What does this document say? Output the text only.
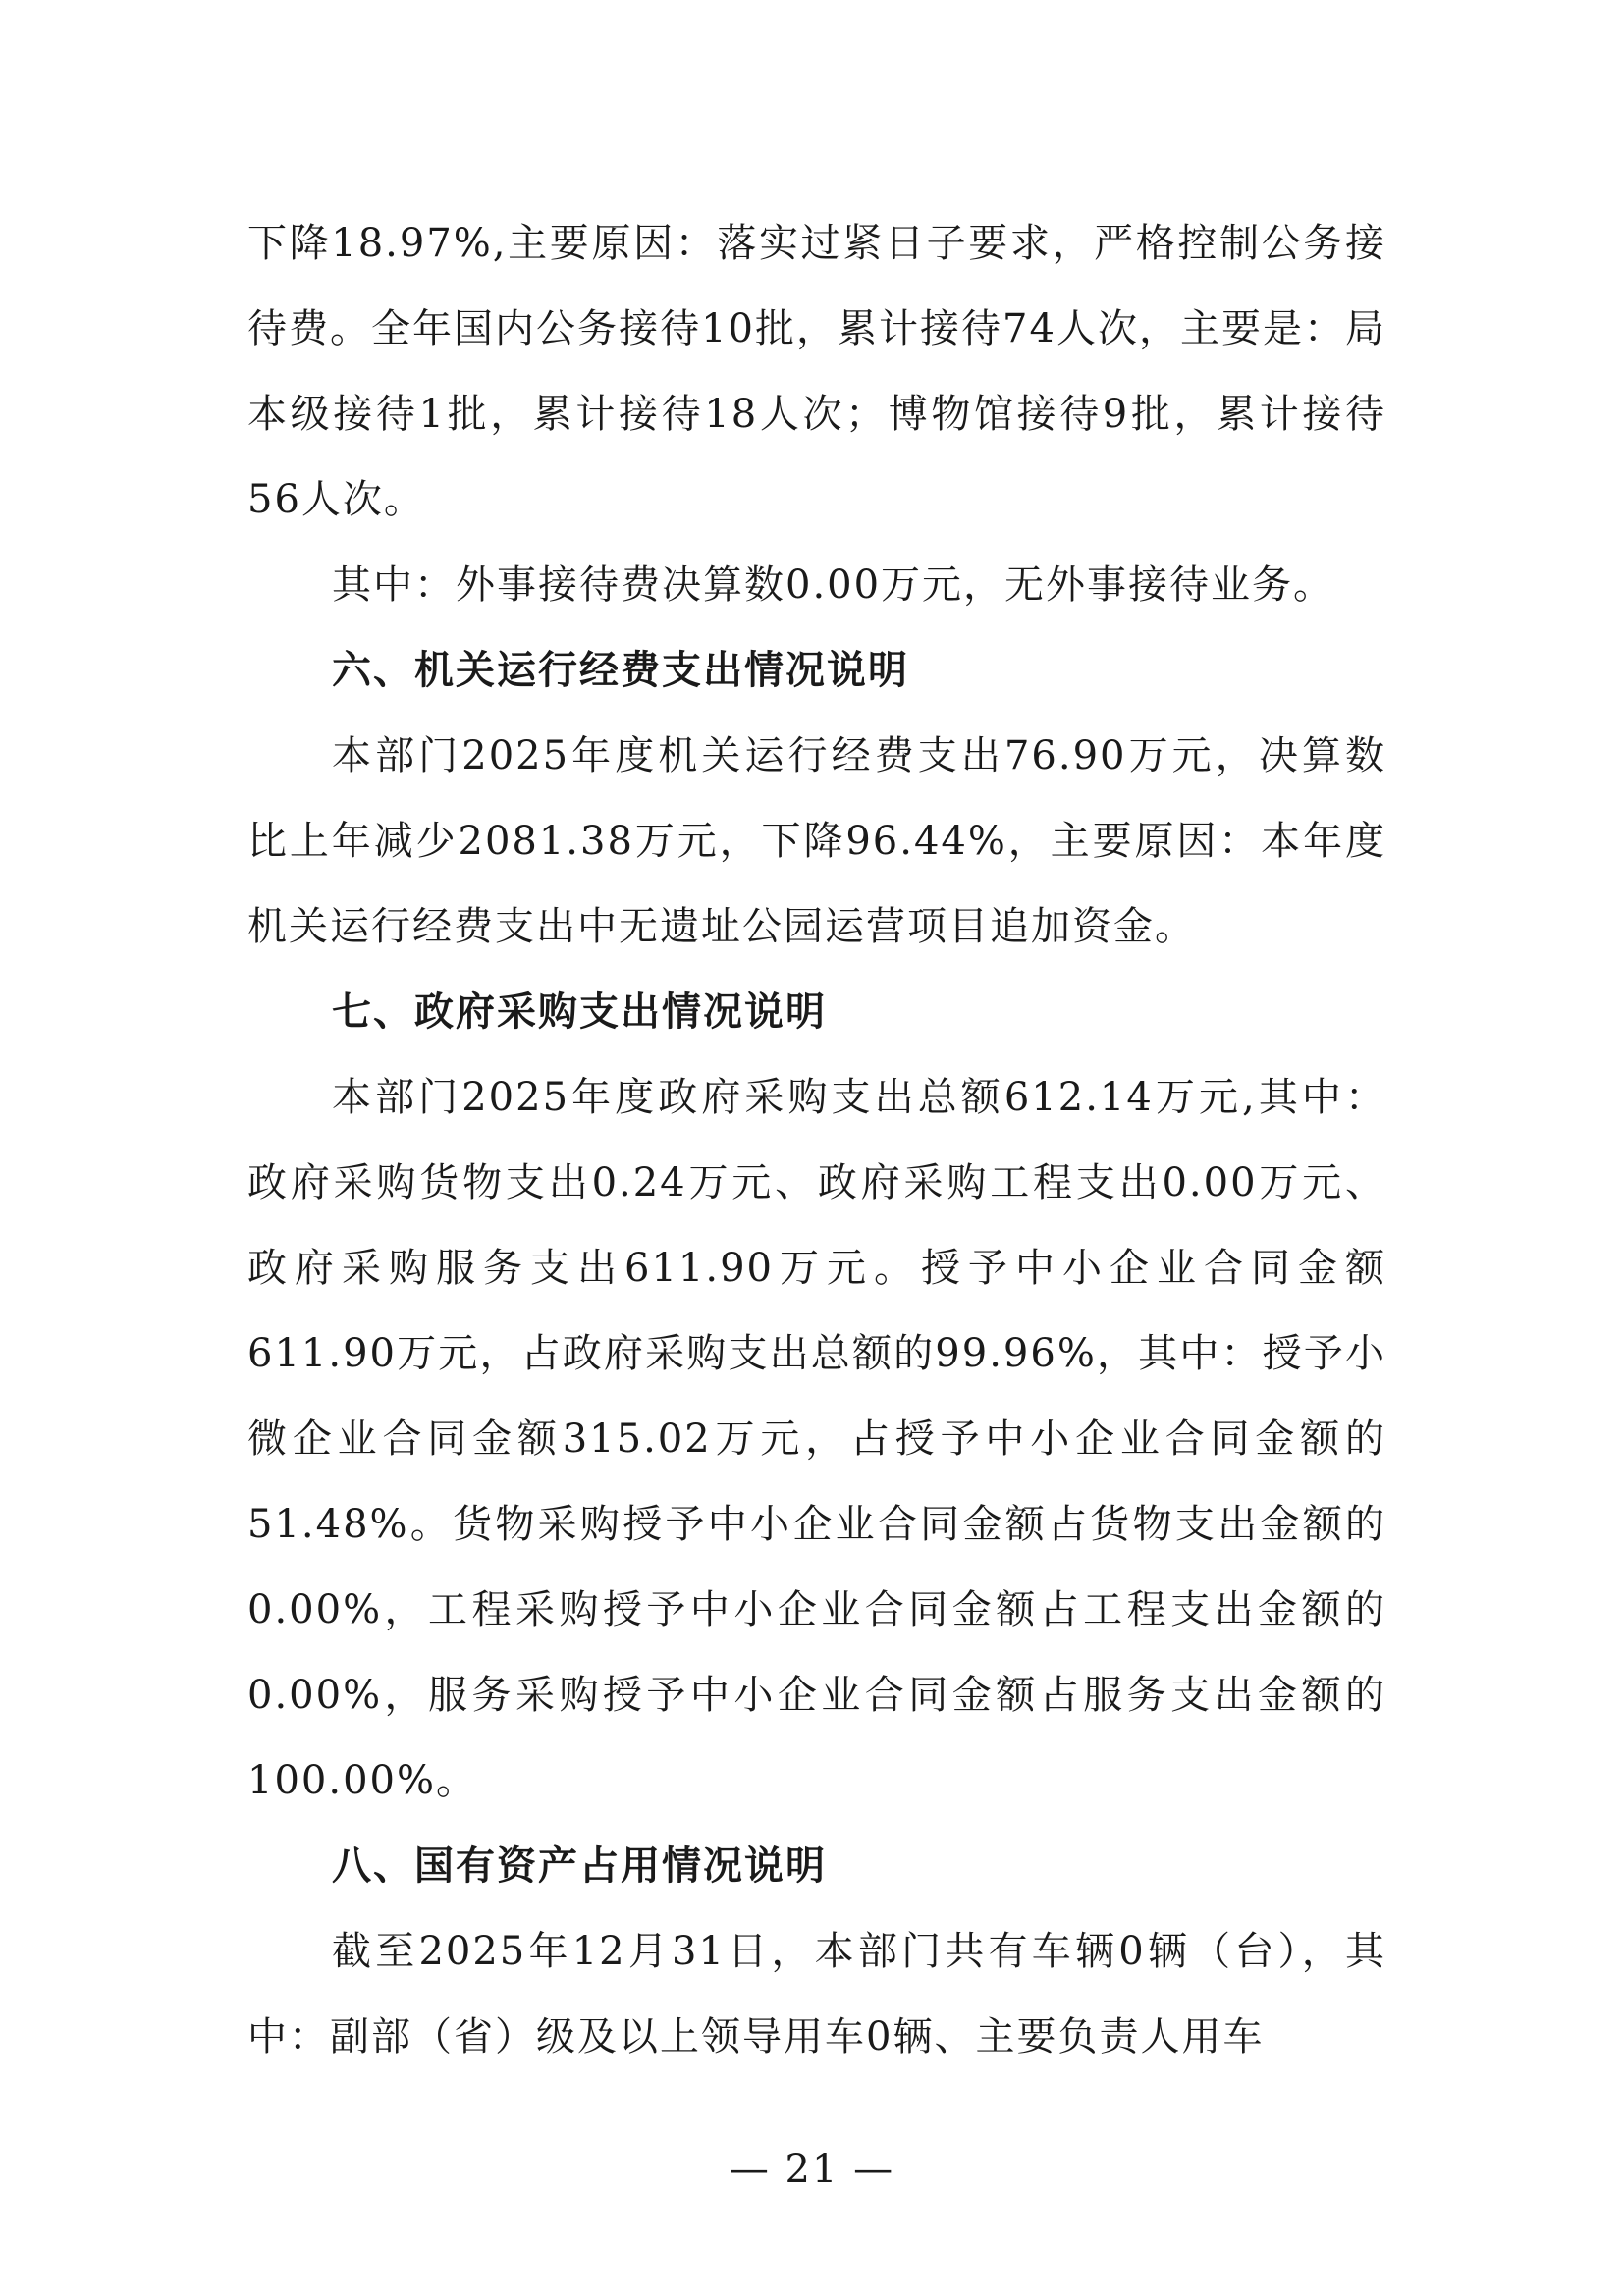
下降18.97%,主要原因：落实过紧日子要求，严格控制公务接待费。全年国内公务接待10批，累计接待74人次，主要是：局本级接待1批，累计接待18人次；博物馆接待9批，累计接待56人次。

其中：外事接待费决算数0.00万元，无外事接待业务。

六、机关运行经费支出情况说明

本部门2025年度机关运行经费支出76.90万元，决算数比上年减少2081.38万元，下降96.44%，主要原因：本年度机关运行经费支出中无遗址公园运营项目追加资金。

七、政府采购支出情况说明

本部门2025年度政府采购支出总额612.14万元,其中：政府采购货物支出0.24万元、政府采购工程支出0.00万元、政府采购服务支出611.90万元。授予中小企业合同金额611.90万元，占政府采购支出总额的99.96%，其中：授予小微企业合同金额315.02万元，占授予中小企业合同金额的51.48%。货物采购授予中小企业合同金额占货物支出金额的0.00%，工程采购授予中小企业合同金额占工程支出金额的0.00%，服务采购授予中小企业合同金额占服务支出金额的100.00%。

八、国有资产占用情况说明

截至2025年12月31日，本部门共有车辆0辆（台），其中：副部（省）级及以上领导用车0辆、主要负责人用车

— 21 —
